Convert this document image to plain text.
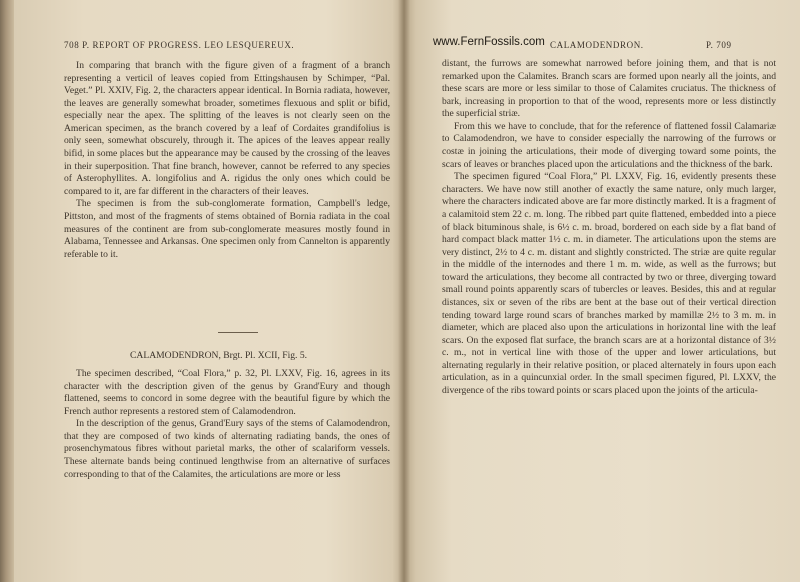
708 P. REPORT OF PROGRESS. LEO LESQUEREUX.

In comparing that branch with the figure given of a fragment of a branch representing a verticil of leaves copied from Ettingshausen by Schimper, “Pal. Veget.” Pl. XXIV, Fig. 2, the characters appear identical. In Bornia radiata, however, the leaves are generally somewhat broader, sometimes flexuous and split or bifid, especially near the apex. The splitting of the leaves is not clearly seen on the American specimen, as the branch covered by a leaf of Cordaites grandifolius is only seen, somewhat obscurely, through it. The apices of the leaves appear really bifid, in some places but the appearance may be caused by the crossing of the leaves in their superposition. That fine branch, however, cannot be referred to any species of Asterophyllites. A. longifolius and A. rigidus the only ones which could be compared to it, are far different in the characters of their leaves.

The specimen is from the sub-conglomerate formation, Campbell's ledge, Pittston, and most of the fragments of stems obtained of Bornia radiata in the coal measures of the continent are from sub-conglomerate measures mostly found in Alabama, Tennessee and Arkansas. One specimen only from Cannelton is apparently referable to it.

CALAMODENDRON, Brgt. Pl. XCII, Fig. 5.

The specimen described, “Coal Flora,” p. 32, Pl. LXXV, Fig. 16, agrees in its character with the description given of the genus by Grand'Eury and though flattened, seems to concord in some degree with the beautiful figure by which the French author represents a restored stem of Calamodendron.

In the description of the genus, Grand'Eury says of the stems of Calamodendron, that they are composed of two kinds of alternating radiating bands, the ones of prosenchymatous fibres without parietal marks, the other of scalariform vessels. These alternate bands being continued lengthwise from an alternative of surfaces corresponding to that of the Calamites, the articulations are more or less

CALAMODENDRON.	P. 709

distant, the furrows are somewhat narrowed before joining them, and that is not remarked upon the Calamites. Branch scars are formed upon nearly all the joints, and these scars are more or less similar to those of Calamites cruciatus. The thickness of bark, increasing in proportion to that of the wood, represents more or less distinctly the superficial striæ.

From this we have to conclude, that for the reference of flattened fossil Calamariæ to Calamodendron, we have to consider especially the narrowing of the furrows or costæ in joining the articulations, their mode of diverging toward some points, the scars of leaves or branches placed upon the articulations and the thickness of the bark.

The specimen figured “Coal Flora,” Pl. LXXV, Fig. 16, evidently presents these characters. We have now still another of exactly the same nature, only much larger, where the characters indicated above are far more distinctly marked. It is a fragment of a calamitoid stem 22 c. m. long. The ribbed part quite flattened, embedded into a piece of black bituminous shale, is 6½ c. m. broad, bordered on each side by a flat band of hard compact black matter 1½ c. m. in diameter. The articulations upon the stems are very distinct, 2½ to 4 c. m. distant and slightly constricted. The striæ are quite regular in the middle of the internodes and there 1 m. m. wide, as well as the furrows; but toward the articulations, they become all contracted by two or three, diverging toward small round points apparently scars of tubercles or leaves. Besides, this and at regular distances, six or seven of the ribs are bent at the base out of their vertical direction tending toward large round scars of branches marked by mamillæ 2½ to 3 m. m. in diameter, which are placed also upon the articulations in horizontal line with the leaf scars. On the exposed flat surface, the branch scars are at a horizontal distance of 3½ c. m., not in vertical line with those of the upper and lower articulations, but alternating regularly in their relative position, or placed alternately in fours upon each articulation, as in a quincunxial order. In the small specimen figured, Pl. LXXV, the divergence of the ribs toward points or scars placed upon the joints of the articula-

www.FernFossils.com
